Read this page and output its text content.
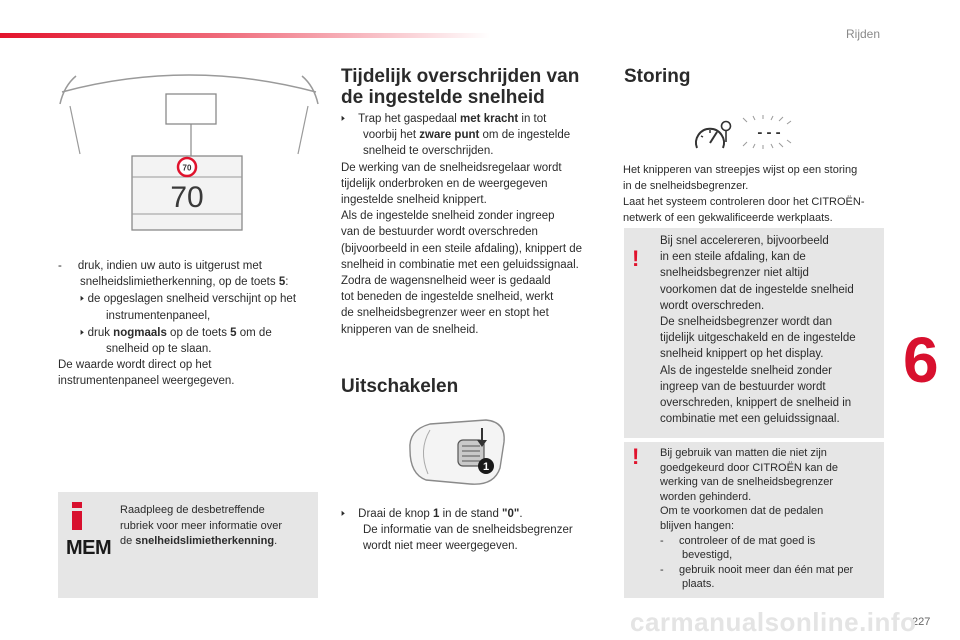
Rijden
6
227
70
70

- druk, indien uw auto is uitgerust met

snelheidslimietherkenning, op de toets 5:

🢒 de opgeslagen snelheid verschijnt op het

instrumentenpaneel,

🢒 druk nogmaals op de toets 5 om de

snelheid op te slaan.

De waarde wordt direct op het

instrumentenpaneel weergegeven.

MEM

Raadpleeg de desbetreffende

rubriek voor meer informatie over

de snelheidslimietherkenning.

Tijdelijk overschrijden van
de ingestelde snelheid

🢒 Trap het gaspedaal met kracht in tot

voorbij het zware punt om de ingestelde

snelheid te overschrijden.

De werking van de snelheidsregelaar wordt

tijdelijk onderbroken en de weergegeven

ingestelde snelheid knippert.

Als de ingestelde snelheid zonder ingreep

van de bestuurder wordt overschreden

(bijvoorbeeld in een steile afdaling), knippert de

snelheid in combinatie met een geluidssignaal.

Zodra de wagensnelheid weer is gedaald

tot beneden de ingestelde snelheid, werkt

de snelheidsbegrenzer weer en stopt het

knipperen van de snelheid.

Uitschakelen
1

🢒 Draai de knop 1 in de stand "0".

De informatie van de snelheidsbegrenzer

wordt niet meer weergegeven.

Storing
- - -

Het knipperen van streepjes wijst op een storing

in de snelheidsbegrenzer.

Laat het systeem controleren door het CITROËN-

netwerk of een gekwalificeerde werkplaats.

!

Bij snel accelereren, bijvoorbeeld

in een steile afdaling, kan de

snelheidsbegrenzer niet altijd

voorkomen dat de ingestelde snelheid

wordt overschreden.

De snelheidsbegrenzer wordt dan

tijdelijk uitgeschakeld en de ingestelde

snelheid knippert op het display.

Als de ingestelde snelheid zonder

ingreep van de bestuurder wordt

overschreden, knippert de snelheid in

combinatie met een geluidssignaal.

! Bij gebruik van matten die niet zijn

goedgekeurd door CITROËN kan de

werking van de snelheidsbegrenzer

worden gehinderd.

Om te voorkomen dat de pedalen

blijven hangen:

- controleer of de mat goed is

bevestigd,

- gebruik nooit meer dan één mat per

plaats.

carmanualsonline.info
